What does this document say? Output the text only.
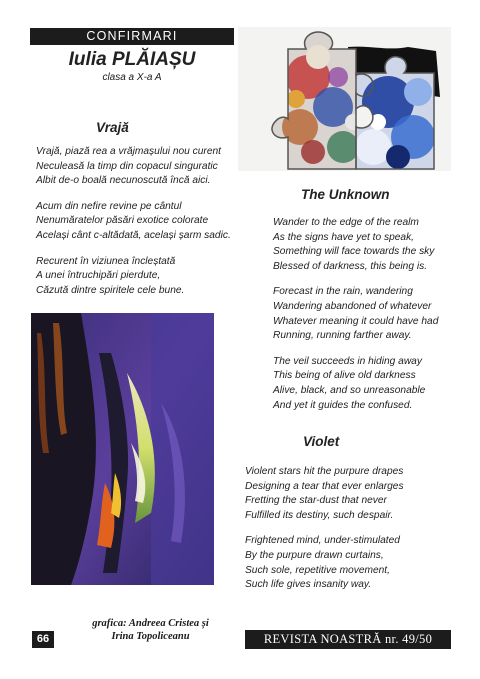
CONFIRMARI
Iulia PLĂIAȘU
clasa a X-a A
Vrajă
Vrajă, piază rea a vrăjmașului nou curent
Neculeasă la timp din copacul singuratic
Albit de-o boală necunoscută încă aici.
Acum din nefire revine pe cântul
Nenumăratelor păsări exotice colorate
Același cânt c-altădată, același șarm sadic.
Recurent în viziunea încleștată
A unei întruchipări pierdute,
Căzută dintre spiritele cele bune.
The Unknown
Wander to the edge of the realm
As the signs have yet to speak,
Something will face towards the sky
Blessed of darkness, this being is.
Forecast in the rain, wandering
Wandering abandoned of whatever
Whatever meaning it could have had
Running, running farther away.
The veil succeeds in hiding away
This being of alive old darkness
Alive, black, and so unreasonable
And yet it guides the confused.
Violet
Violent stars hit the purpure drapes
Designing a tear that ever enlarges
Fretting the star-dust that never
Fulfilled its destiny, such despair.
Frightened mind, under-stimulated
By the purpure drawn curtains,
Such sole, repetitive movement,
Such life gives insanity way.
grafica: Andreea Cristea și
Irina Topoliceanu
66	REVISTA NOASTRĂ nr. 49/50
